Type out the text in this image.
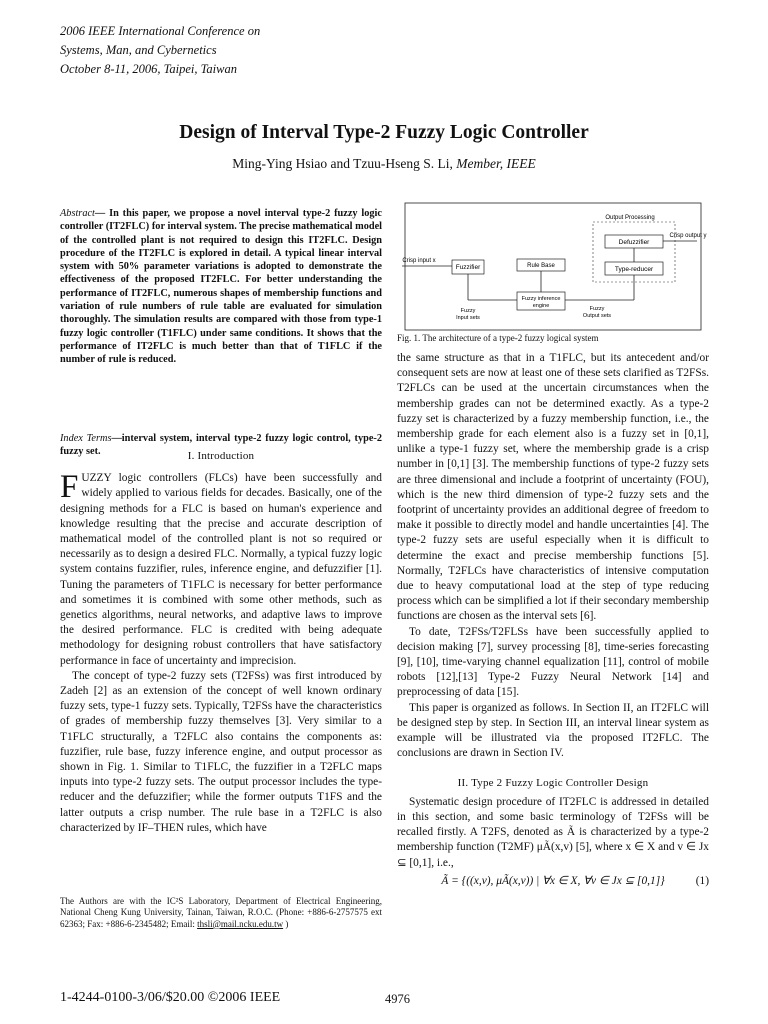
2006 IEEE International Conference on
Systems, Man, and Cybernetics
October 8-11, 2006, Taipei, Taiwan
Design of Interval Type-2 Fuzzy Logic Controller
Ming-Ying Hsiao and Tzuu-Hseng S. Li, Member, IEEE
Abstract— In this paper, we propose a novel interval type-2 fuzzy logic controller (IT2FLC) for interval system. The precise mathematical model of the controlled plant is not required to design this IT2FLC. Design procedure of the IT2FLC is explored in detail. A typical linear interval system with 50% parameter variations is adopted to demonstrate the effectiveness of the proposed IT2FLC. For better understanding the performance of IT2FLC, numerous shapes of membership functions and variation of rule numbers of rule table are evaluated for simulation thoroughly. The simulation results are compared with those from type-1 fuzzy logic controller (T1FLC) under same conditions. It shows that the performance of IT2FLC is much better than that of T1FLC if the number of rule is reduced.
Index Terms—interval system, interval type-2 fuzzy logic control, type-2 fuzzy set.	I. Introduction

FUZZY logic controllers (FLCs) have been successfully and widely applied to various fields for decades. Basically, one of the designing methods for a FLC is based on human's experience and knowledge resulting that the precise and accurate description of mathematical model of the controlled plant is not so required or necessarily as to design a desired FLC. Normally, a typical fuzzy logic system contains fuzzifier, rules, inference engine, and defuzzifier [1]. Tuning the parameters of T1FLC is necessary for better performance and sometimes it is combined with some other methods, such as genetics algorithms, neural networks, and adaptive laws to improve the desired performance. FLC is credited with being adequate methodology for designing robust controllers that have satisfactory performance in face of uncertainty and imprecision.

The concept of type-2 fuzzy sets (T2FSs) was first introduced by Zadeh [2] as an extension of the concept of well known ordinary fuzzy sets, type-1 fuzzy sets. Typically, T2FSs have the characteristics of grades of membership fuzzy themselves [3]. Very similar to a T1FLC structurally, a T2FLC also contains the components as: fuzzifier, rule base, fuzzy inference engine, and output processor as shown in Fig. 1. Similar to T1FLC, the fuzzifier in a T2FLC maps inputs into type-2 fuzzy sets. The output processor includes the type-reducer and the defuzzifier; while the former outputs T1FS and the latter outputs a crisp number. The rule base in a T2FLC is also characterized by IF–THEN rules, which have

The Authors are with the IC²S Laboratory, Department of Electrical Engineering, National Cheng Kung University, Tainan, Taiwan, R.O.C. (Phone: +886-6-2757575 ext 62363; Fax: +886-6-2345482; Email: thsli@mail.ncku.edu.tw )
Output Processing
Defuzzifier
Type-reducer
Crisp output y
Crisp input x
Fuzzifier	Rule Base
Fuzzy
Input sets
Fuzzy inference
engine	Fuzzy
Output sets
Fig. 1. The architecture of a type-2 fuzzy logical system

the same structure as that in a T1FLC, but its antecedent and/or consequent sets are now at least one of these sets clarified as T2FSs. T2FLCs can be used at the uncertain circumstances when the membership grades can not be determined exactly. As a type-2 fuzzy set is characterized by a fuzzy membership function, i.e., the membership grade for each element also is a fuzzy set in [0,1], unlike a type-1 fuzzy set, where the membership grade is a crisp number in [0,1] [3]. The membership functions of type-2 fuzzy sets are three dimensional and include a footprint of uncertainty (FOU), which is the new third dimension of type-2 fuzzy sets and the footprint of uncertainty provides an additional degree of freedom to make it possible to directly model and handle uncertainties [4]. The type-2 fuzzy sets are useful especially when it is difficult to determine the exact and precise membership functions [5]. Normally, T2FLCs have characteristics of intensive computation due to heavy computational load at the step of type reducing process which can be simplified a lot if their secondary membership functions are chosen as the interval sets [6].

To date, T2FSs/T2FLSs have been successfully applied to decision making [7], survey processing [8], time-series forecasting [9], [10], time-varying channel equalization [11], control of mobile robots [12],[13] Type-2 Fuzzy Neural Network [14] and preprocessing of data [15].

This paper is organized as follows. In Section II, an IT2FLC will be designed step by step. In Section III, an interval linear system as example will be illustrated via the proposed IT2FLC. The conclusions are drawn in Section IV.

II. Type 2 Fuzzy Logic Controller Design

Systematic design procedure of IT2FLC is addressed in detailed in this section, and some basic terminology of T2FSs will be recalled firstly. A T2FS, denoted as Ã is characterized by a type-2 membership function (T2MF) μÃ(x,v) [5], where x ∈ X and v ∈ Jx ⊆ [0,1], i.e.,

Ã = {((x,v), μÃ(x,v)) | ∀x ∈ X, ∀v ∈ Jx ⊆ [0,1]}	(1)
1-4244-0100-3/06/$20.00 ©2006 IEEE	4976
